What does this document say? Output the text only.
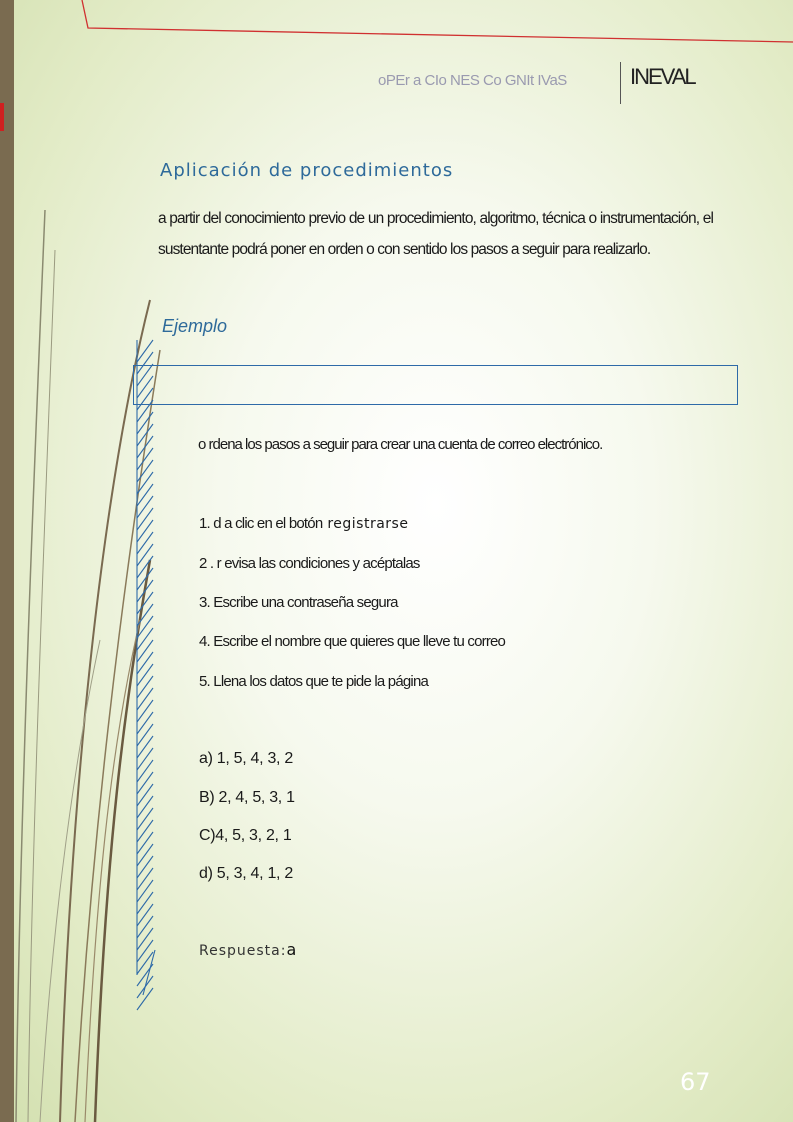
oPEr a CIo NES Co GNIt IVaS	INEVAL
Aplicación de procedimientos
a partir del conocimiento previo de un procedimiento, algoritmo, técnica o instrumentación, el sustentante podrá poner en orden o con sentido los pasos a seguir para realizarlo.
Ejemplo
o rdena los pasos a seguir para crear una cuenta de correo electrónico.
1. d a clic en el botón registrarse
2 . r evisa las condiciones y acéptalas
3. Escribe una contraseña segura
4. Escribe el nombre que quieres que lleve tu correo
5. Llena los datos que te pide la página
a) 1, 5, 4, 3, 2
B) 2, 4, 5, 3, 1
C)4, 5, 3, 2, 1
d) 5, 3, 4, 1, 2
Respuesta:a
67
